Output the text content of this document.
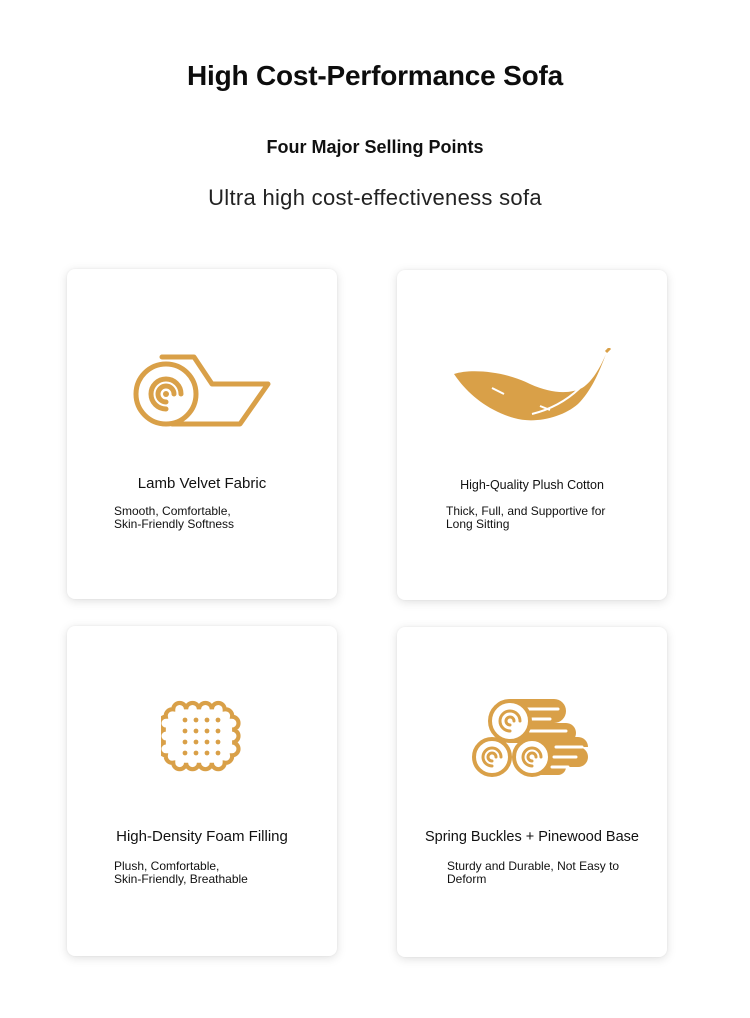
High Cost-Performance Sofa
Four Major Selling Points
Ultra high cost-effectiveness sofa
Lamb Velvet Fabric
Smooth, Comfortable,
Skin-Friendly Softness
High-Quality Plush Cotton
Thick, Full, and Supportive for
Long Sitting
High-Density Foam Filling
Plush, Comfortable,
Skin-Friendly, Breathable
Spring Buckles + Pinewood Base
Sturdy and Durable, Not Easy to
Deform
